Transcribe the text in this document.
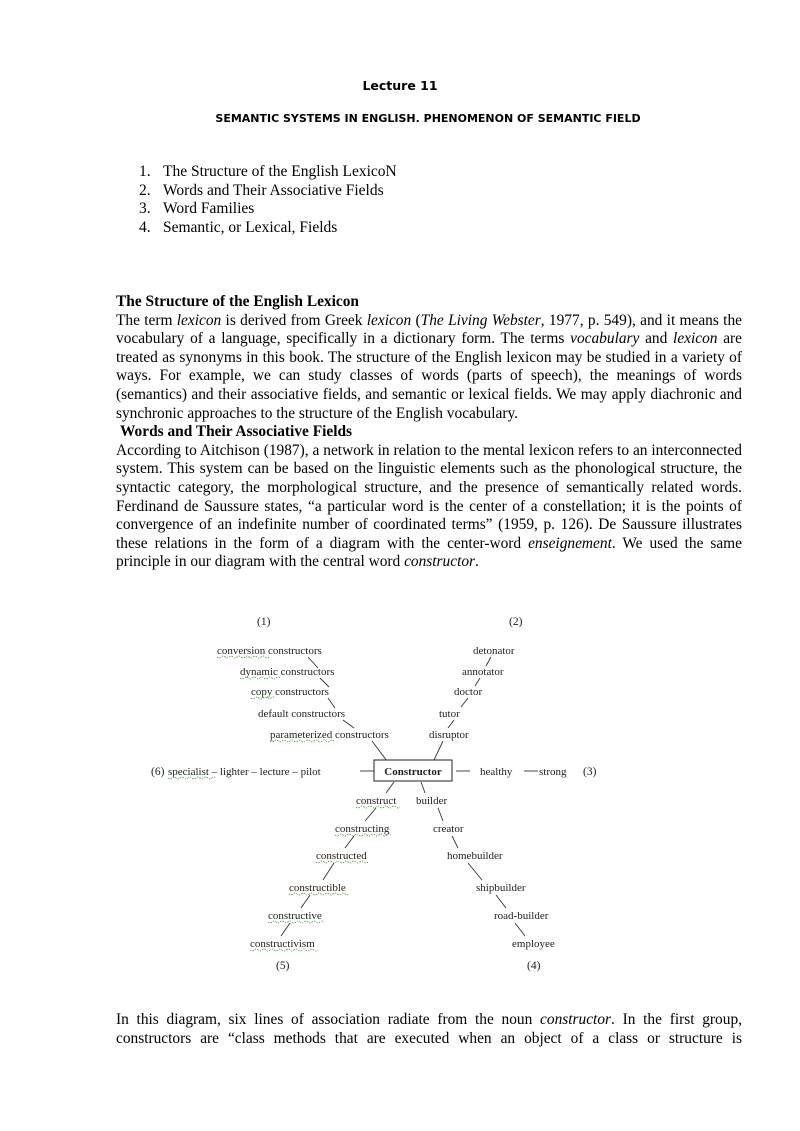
Lecture 11
SEMANTIC SYSTEMS IN ENGLISH. PHENOMENON OF SEMANTIC FIELD
1. The Structure of the English LexicoN
2. Words and Their Associative Fields
3. Word Families
4. Semantic, or Lexical, Fields
The Structure of the English Lexicon

The term lexicon is derived from Greek lexicon (The Living Webster, 1977, p. 549), and it means the vocabulary of a language, specifically in a dictionary form. The terms vocabulary and lexicon are treated as synonyms in this book. The structure of the English lexicon may be studied in a variety of ways. For example, we can study classes of words (parts of speech), the meanings of words (semantics) and their associative fields, and semantic or lexical fields. We may apply diachronic and synchronic approaches to the structure of the English vocabulary.

Words and Their Associative Fields

According to Aitchison (1987), a network in relation to the mental lexicon refers to an interconnected system. This system can be based on the linguistic elements such as the phonological structure, the syntactic category, the morphological structure, and the presence of semantically related words. Ferdinand de Saussure states, “a particular word is the center of a constellation; it is the points of convergence of an indefinite number of coordinated terms” (1959, p. 126). De Saussure illustrates these relations in the form of a diagram with the center-word enseignement. We used the same principle in our diagram with the central word constructor.

(1)	(2)
(3)
(4)
(5)
(6)
conversion constructors
dynamic constructors
copy constructors
default constructors
parameterized constructors
detonator
annotator
doctor
tutor
disruptor
specialist – lighter – lecture – pilot	Constructor	healthy strong
construct
constructing
constructed
constructible
constructive
constructivism
builder
creator
homebuilder
shipbuilder
road-builder
employee

In this diagram, six lines of association radiate from the noun constructor. In the first group, constructors are “class methods that are executed when an object of a class or structure is
